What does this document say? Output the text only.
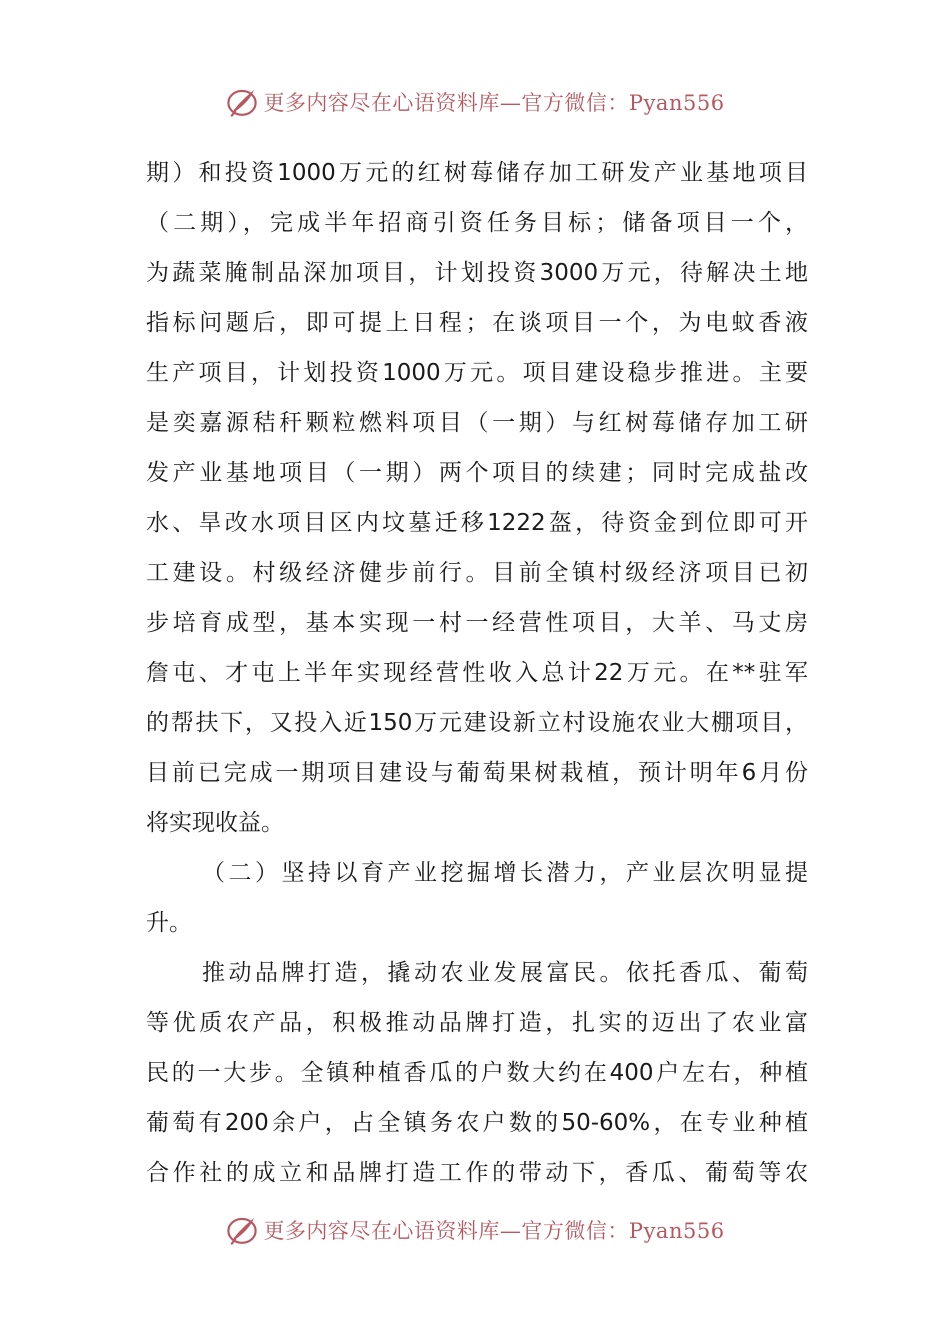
更多内容尽在心语资料库—官方微信：Pyan556
期）和投资1000万元的红树莓储存加工研发产业基地项目
（二期），完成半年招商引资任务目标；储备项目一个，
为蔬菜腌制品深加项目，计划投资3000万元，待解决土地
指标问题后，即可提上日程；在谈项目一个，为电蚊香液
生产项目，计划投资1000万元。项目建设稳步推进。主要
是奕嘉源秸秆颗粒燃料项目（一期）与红树莓储存加工研
发产业基地项目（一期）两个项目的续建；同时完成盐改
水、旱改水项目区内坟墓迁移1222盔，待资金到位即可开
工建设。村级经济健步前行。目前全镇村级经济项目已初
步培育成型，基本实现一村一经营性项目，大羊、马丈房
詹屯、才屯上半年实现经营性收入总计22万元。在**驻军
的帮扶下，又投入近150万元建设新立村设施农业大棚项目，
目前已完成一期项目建设与葡萄果树栽植，预计明年6月份
将实现收益。
（二）坚持以育产业挖掘增长潜力，产业层次明显提
升。
推动品牌打造，撬动农业发展富民。依托香瓜、葡萄
等优质农产品，积极推动品牌打造，扎实的迈出了农业富
民的一大步。全镇种植香瓜的户数大约在400户左右，种植
葡萄有200余户，占全镇务农户数的50-60%，在专业种植
合作社的成立和品牌打造工作的带动下，香瓜、葡萄等农
更多内容尽在心语资料库—官方微信：Pyan556
